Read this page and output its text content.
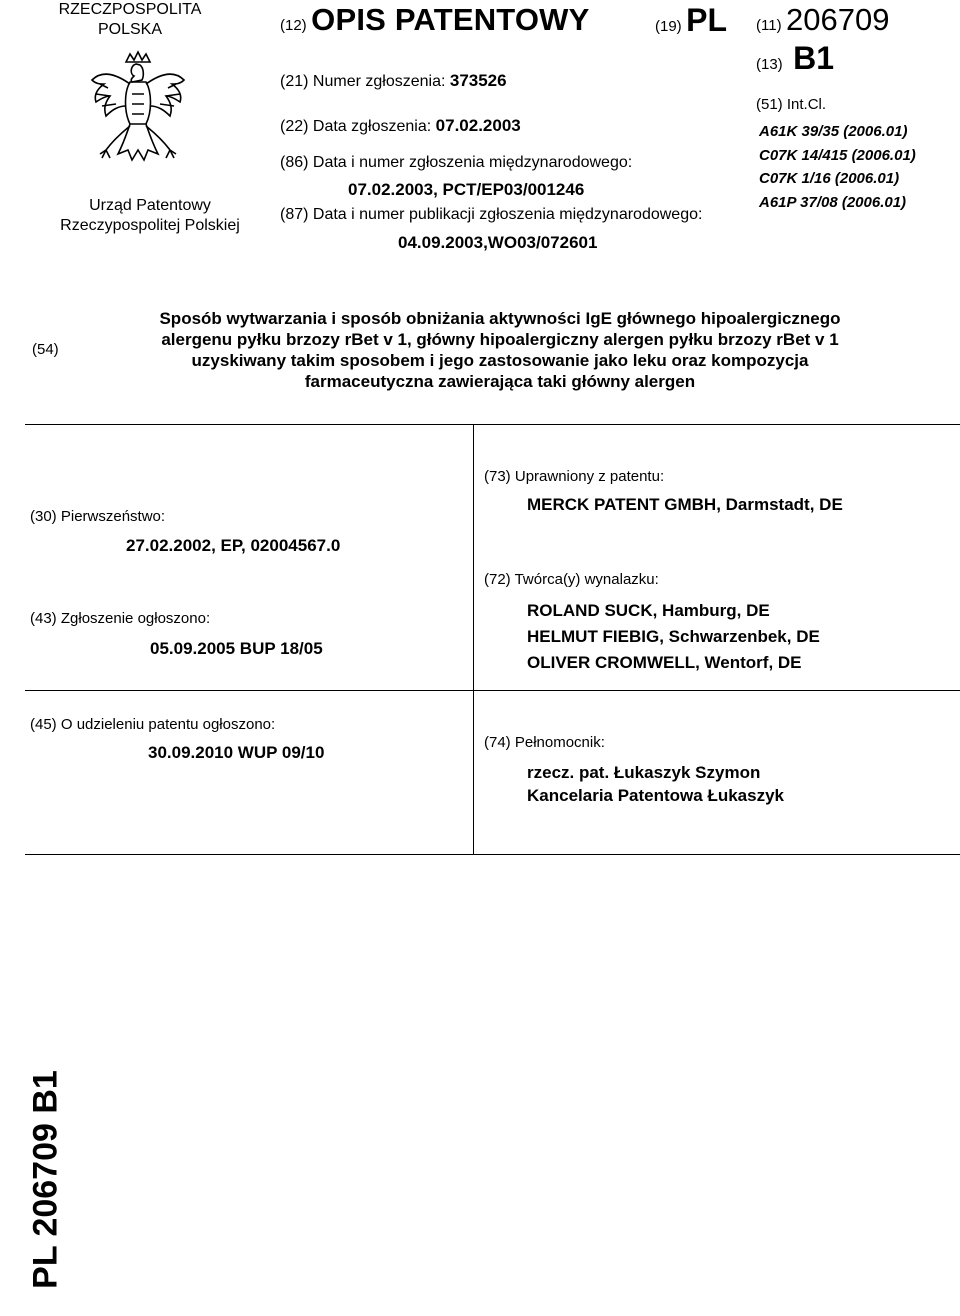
RZECZPOSPOLITA
POLSKA
Urząd Patentowy
Rzeczypospolitej Polskiej
(12) OPIS PATENTOWY
(21) Numer zgłoszenia: 373526
(22) Data zgłoszenia: 07.02.2003
(86) Data i numer zgłoszenia międzynarodowego:
07.02.2003, PCT/EP03/001246
(87) Data i numer publikacji zgłoszenia międzynarodowego:
04.09.2003,WO03/072601
(19) PL (11) 206709
(13) B1
(51) Int.Cl.
A61K 39/35 (2006.01)
C07K 14/415 (2006.01)
C07K 1/16 (2006.01)
A61P 37/08 (2006.01)
(54)
Sposób wytwarzania i sposób obniżania aktywności IgE głównego hipoalergicznego
alergenu pyłku brzozy rBet v 1, główny hipoalergiczny alergen pyłku brzozy rBet v 1
uzyskiwany takim sposobem i jego zastosowanie jako leku oraz kompozycja
farmaceutyczna zawierająca taki główny alergen
(30) Pierwszeństwo:
27.02.2002, EP, 02004567.0
(43) Zgłoszenie ogłoszono:
05.09.2005 BUP 18/05
(45) O udzieleniu patentu ogłoszono:
30.09.2010 WUP 09/10
(73) Uprawniony z patentu:
MERCK PATENT GMBH, Darmstadt, DE
(72) Twórca(y) wynalazku:
ROLAND SUCK, Hamburg, DE
HELMUT FIEBIG, Schwarzenbek, DE
OLIVER CROMWELL, Wentorf, DE
(74) Pełnomocnik:
rzecz. pat. Łukaszyk Szymon
Kancelaria Patentowa Łukaszyk
PL 206709 B1
